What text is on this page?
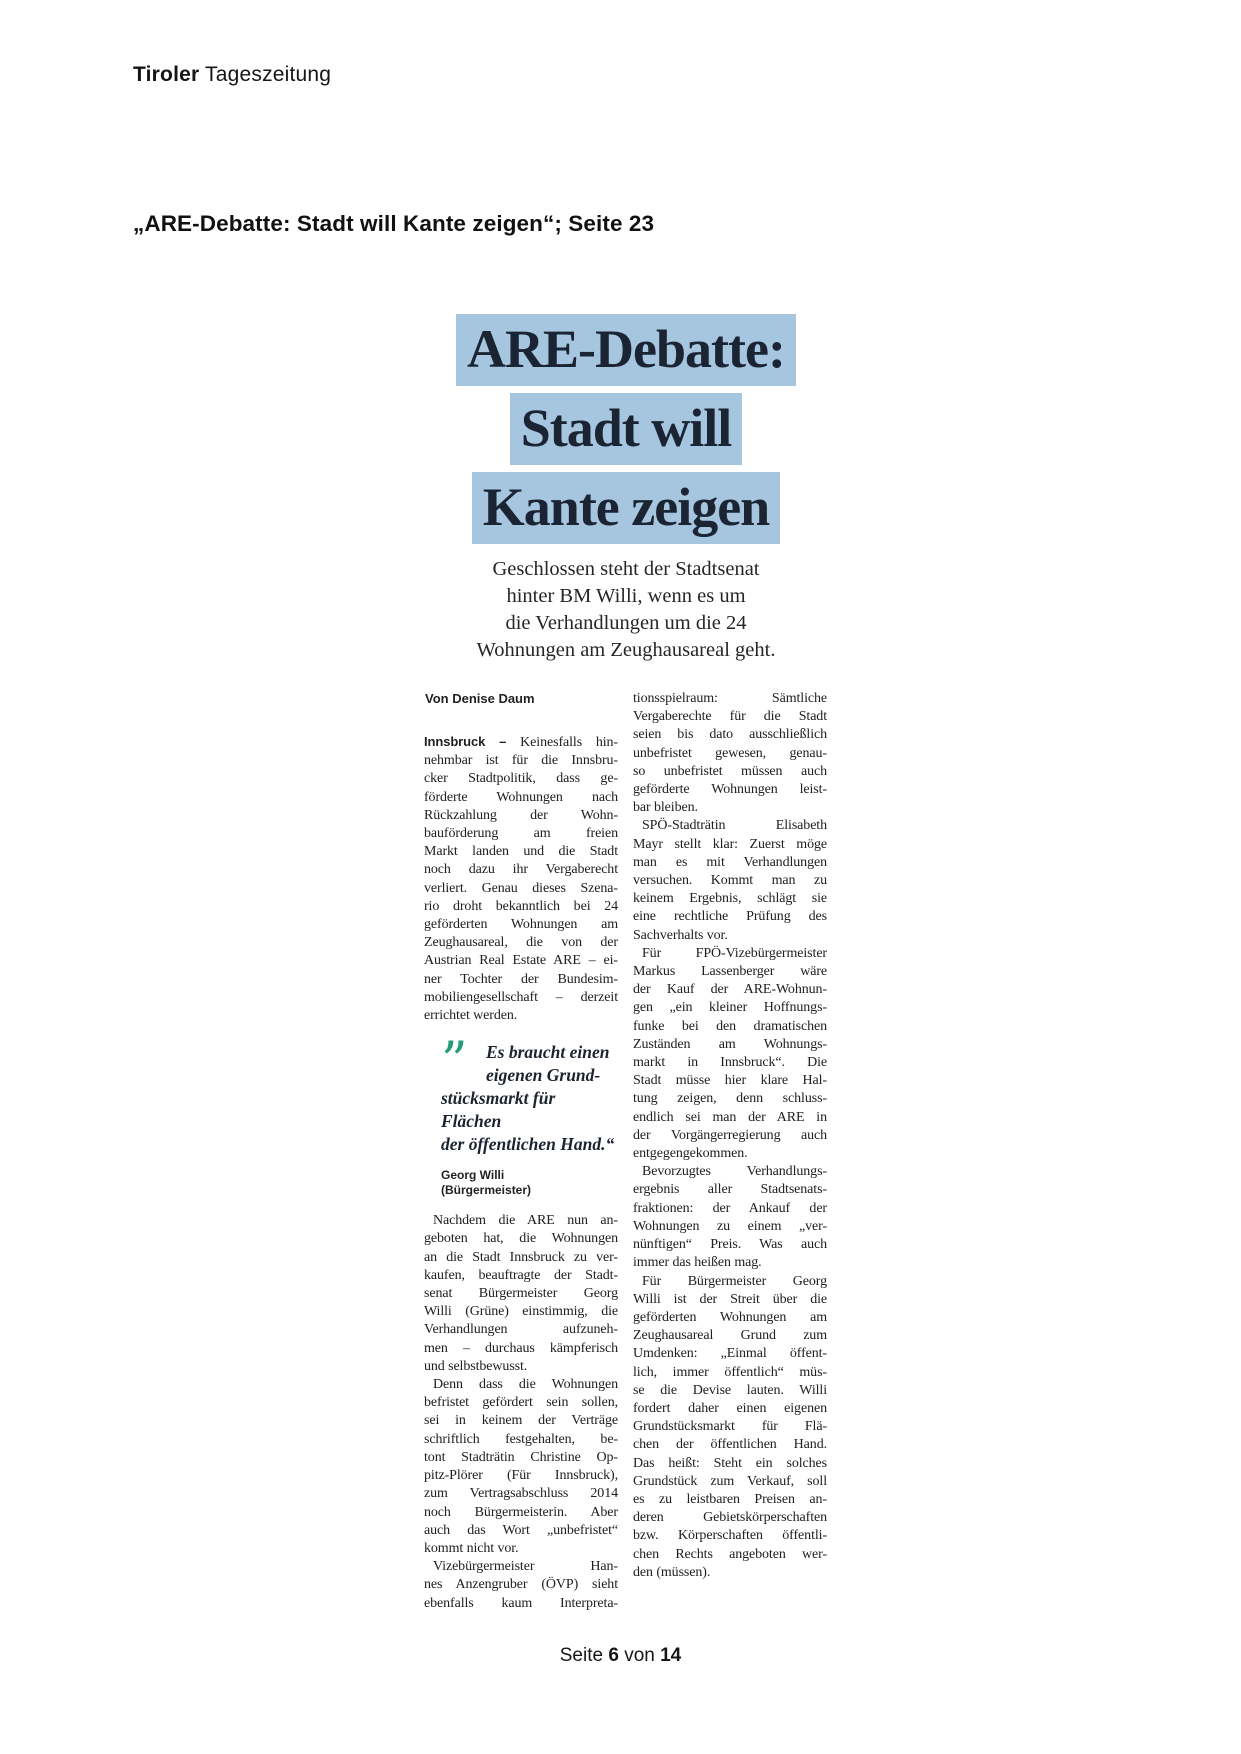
Tiroler Tageszeitung
„ARE-Debatte: Stadt will Kante zeigen“; Seite 23
ARE-Debatte:
Stadt will
Kante zeigen
Geschlossen steht der Stadtsenat
hinter BM Willi, wenn es um
die Verhandlungen um die 24
Wohnungen am Zeughausareal geht.
Von Denise Daum
Innsbruck – Keinesfalls hin-
nehmbar ist für die Innsbru-
cker Stadtpolitik, dass ge-
förderte Wohnungen nach
Rückzahlung der Wohn-
bauförderung am freien
Markt landen und die Stadt
noch dazu ihr Vergaberecht
verliert. Genau dieses Szena-
rio droht bekanntlich bei 24
geförderten Wohnungen am
Zeughausareal, die von der
Austrian Real Estate ARE – ei-
ner Tochter der Bundesim-
mobiliengesellschaft – derzeit
errichtet werden.
”	Es braucht einen
eigenen Grund-
stücksmarkt für Flächen
der öffentlichen Hand.“
Georg Willi
(Bürgermeister)
Nachdem die ARE nun an-
geboten hat, die Wohnungen
an die Stadt Innsbruck zu ver-
kaufen, beauftragte der Stadt-
senat Bürgermeister Georg
Willi (Grüne) einstimmig, die
Verhandlungen aufzuneh-
men – durchaus kämpferisch
und selbstbewusst.
Denn dass die Wohnungen
befristet gefördert sein sollen,
sei in keinem der Verträge
schriftlich festgehalten, be-
tont Stadträtin Christine Op-
pitz-Plörer (Für Innsbruck),
zum Vertragsabschluss 2014
noch Bürgermeisterin. Aber
auch das Wort „unbefristet“
kommt nicht vor.
Vizebürgermeister Han-
nes Anzengruber (ÖVP) sieht
ebenfalls kaum Interpreta-
tionsspielraum: Sämtliche
Vergaberechte für die Stadt
seien bis dato ausschließlich
unbefristet gewesen, genau-
so unbefristet müssen auch
geförderte Wohnungen leist-
bar bleiben.
SPÖ-Stadträtin Elisabeth
Mayr stellt klar: Zuerst möge
man es mit Verhandlungen
versuchen. Kommt man zu
keinem Ergebnis, schlägt sie
eine rechtliche Prüfung des
Sachverhalts vor.
Für FPÖ-Vizebürgermeister
Markus Lassenberger wäre
der Kauf der ARE-Wohnun-
gen „ein kleiner Hoffnungs-
funke bei den dramatischen
Zuständen am Wohnungs-
markt in Innsbruck“. Die
Stadt müsse hier klare Hal-
tung zeigen, denn schluss-
endlich sei man der ARE in
der Vorgängerregierung auch
entgegengekommen.
Bevorzugtes Verhandlungs-
ergebnis aller Stadtsenats-
fraktionen: der Ankauf der
Wohnungen zu einem „ver-
nünftigen“ Preis. Was auch
immer das heißen mag.
Für Bürgermeister Georg
Willi ist der Streit über die
geförderten Wohnungen am
Zeughausareal Grund zum
Umdenken: „Einmal öffent-
lich, immer öffentlich“ müs-
se die Devise lauten. Willi
fordert daher einen eigenen
Grundstücksmarkt für Flä-
chen der öffentlichen Hand.
Das heißt: Steht ein solches
Grundstück zum Verkauf, soll
es zu leistbaren Preisen an-
deren Gebietskörperschaften
bzw. Körperschaften öffentli-
chen Rechts angeboten wer-
den (müssen).
Seite 6 von 14
